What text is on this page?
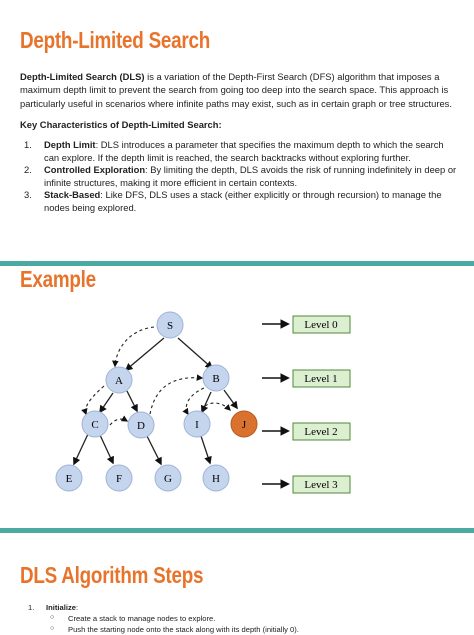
Depth-Limited Search

Depth-Limited Search (DLS) is a variation of the Depth-First Search (DFS) algorithm that imposes a maximum depth limit to prevent the search from going too deep into the search space. This approach is particularly useful in scenarios where infinite paths may exist, such as in certain graph or tree structures.

Key Characteristics of Depth-Limited Search:

1. Depth Limit: DLS introduces a parameter that specifies the maximum depth to which the search can explore. If the depth limit is reached, the search backtracks without exploring further.
2. Controlled Exploration: By limiting the depth, DLS avoids the risk of running indefinitely in deep or infinite structures, making it more efficient in certain contexts.
3. Stack-Based: Like DFS, DLS uses a stack (either explicitly or through recursion) to manage the nodes being explored.
Example
S
A	B
C	D	I	J
E	F	G	H
Level 0
Level 1
Level 2
Level 3
DLS Algorithm Steps
1. Initialize:
○ Create a stack to manage nodes to explore.
○ Push the starting node onto the stack along with its depth (initially 0).
